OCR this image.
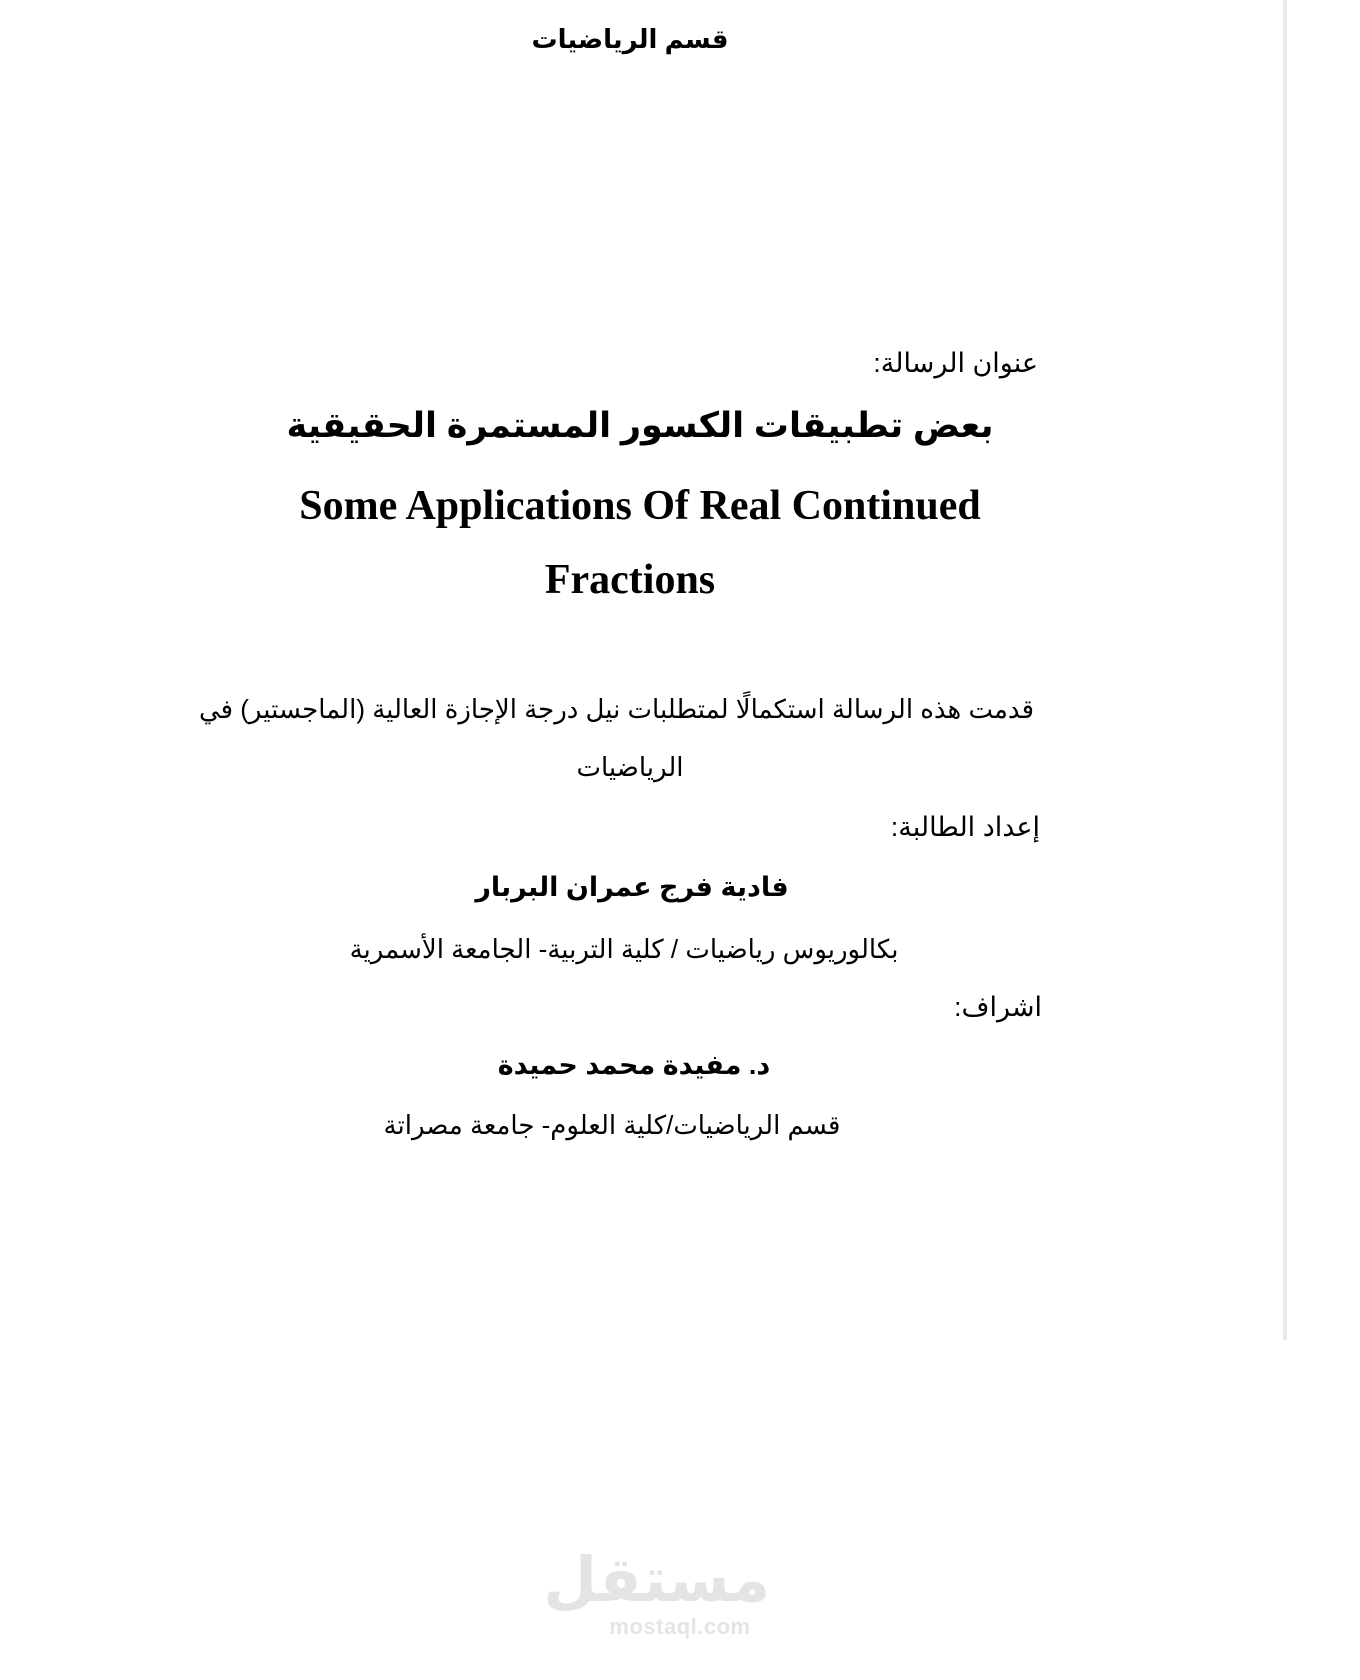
قسم الرياضيات
عنوان الرسالة:
بعض تطبيقات الكسور المستمرة الحقيقية
Some Applications Of Real Continued
Fractions
قدمت هذه الرسالة استكمالًا لمتطلبات نيل درجة الإجازة العالية (الماجستير) في
الرياضيات
إعداد الطالبة:
فادية فرج عمران البربار
بكالوريوس رياضيات / كلية التربية- الجامعة الأسمرية
اشراف:
د. مفيدة محمد حميدة
قسم الرياضيات/كلية العلوم- جامعة مصراتة
مستقل
mostaql.com
